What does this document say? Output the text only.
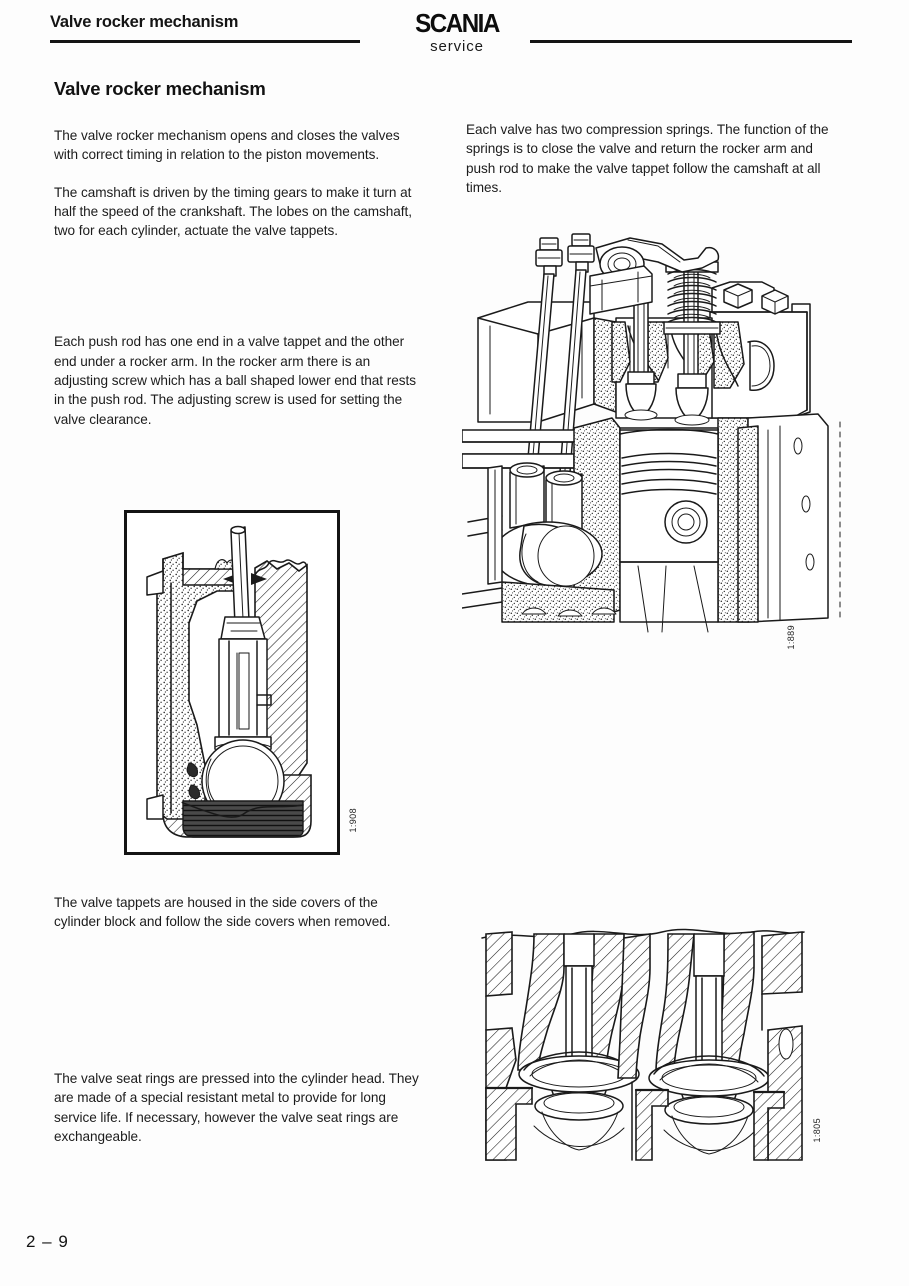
Valve rocker mechanism	SCANIA
service
Valve rocker mechanism

The valve rocker mechanism opens and closes the valves with correct timing in relation to the piston movements.

The camshaft is driven by the timing gears to make it turn at half the speed of the crankshaft. The lobes on the camshaft, two for each cylinder, actuate the valve tappets.

Each push rod has one end in a valve tappet and the other end under a rocker arm. In the rocker arm there is an adjusting screw which has a ball shaped lower end that rests in the push rod. The adjusting screw is used for setting the valve clearance.

Each valve has two compression springs. The function of the springs is to close the valve and return the rocker arm and push rod to make the valve tappet follow the camshaft at all times.

1:889
1:908

The valve tappets are housed in the side covers of the cylinder block and follow the side covers when removed.

The valve seat rings are pressed into the cylinder head. They are made of a special resistant metal to provide for long service life. If necessary, however the valve seat rings are exchangeable.	1:805
2 – 9
